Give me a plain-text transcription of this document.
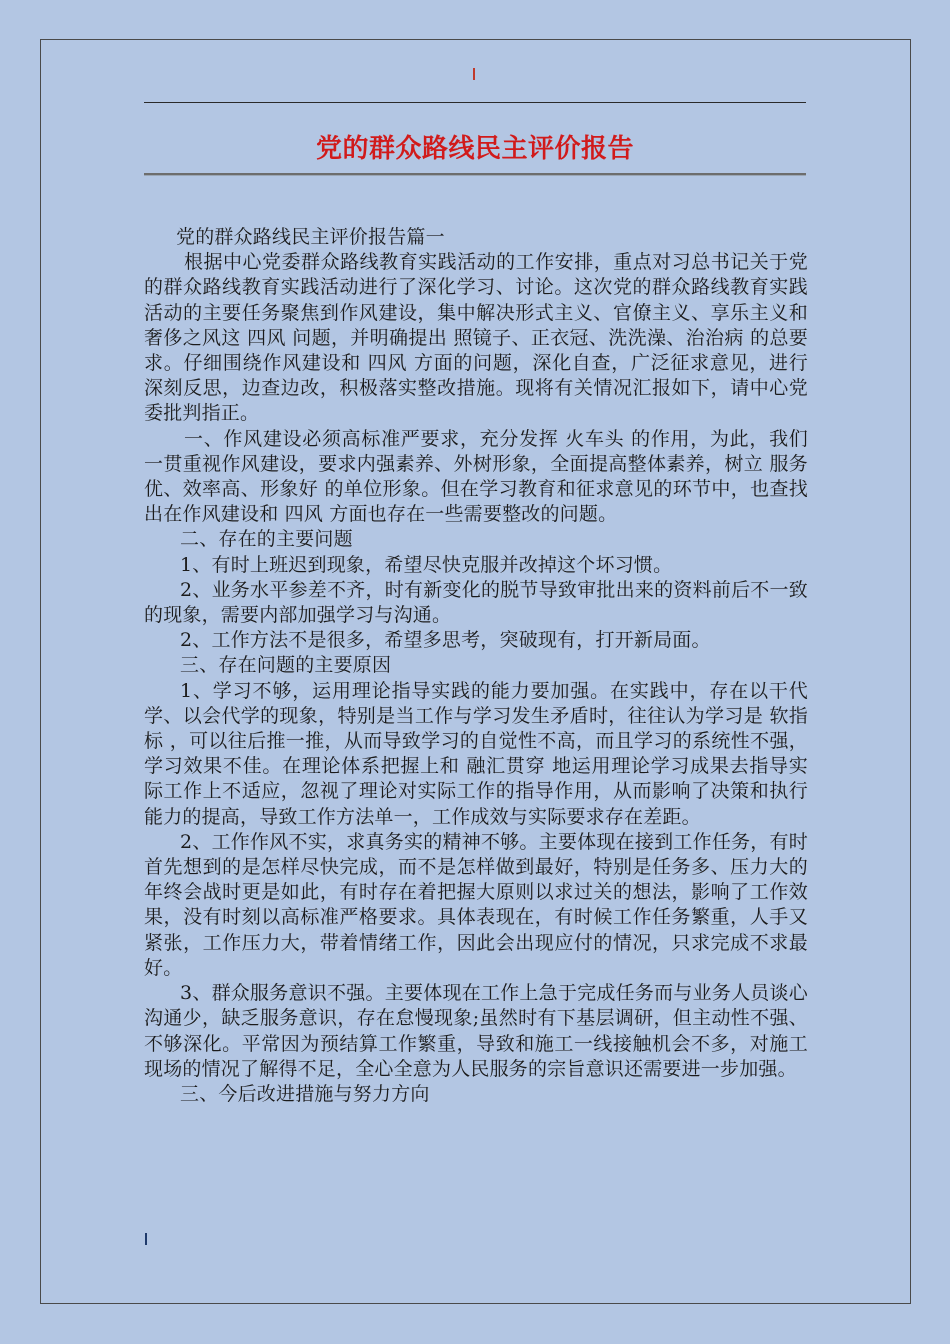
党的群众路线民主评价报告

党的群众路线民主评价报告篇一

根据中心党委群众路线教育实践活动的工作安排，重点对习总书记关于党的群众路线教育实践活动进行了深化学习、讨论。这次党的群众路线教育实践活动的主要任务聚焦到作风建设，集中解决形式主义、官僚主义、享乐主义和奢侈之风这 四风 问题，并明确提出 照镜子、正衣冠、洗洗澡、治治病 的总要求。仔细围绕作风建设和 四风 方面的问题，深化自查，广泛征求意见，进行深刻反思，边查边改，积极落实整改措施。现将有关情况汇报如下，请中心党委批判指正。

一、作风建设必须高标准严要求，充分发挥 火车头 的作用，为此，我们一贯重视作风建设，要求内强素养、外树形象，全面提高整体素养，树立 服务优、效率高、形象好 的单位形象。但在学习教育和征求意见的环节中，也查找出在作风建设和 四风 方面也存在一些需要整改的问题。

二、存在的主要问题

1、有时上班迟到现象，希望尽快克服并改掉这个坏习惯。

2、业务水平参差不齐，时有新变化的脱节导致审批出来的资料前后不一致的现象，需要内部加强学习与沟通。

2、工作方法不是很多，希望多思考，突破现有，打开新局面。

三、存在问题的主要原因

1、学习不够，运用理论指导实践的能力要加强。在实践中，存在以干代学、以会代学的现象，特别是当工作与学习发生矛盾时，往往认为学习是 软指标 ，可以往后推一推，从而导致学习的自觉性不高，而且学习的系统性不强，学习效果不佳。在理论体系把握上和 融汇贯穿 地运用理论学习成果去指导实际工作上不适应，忽视了理论对实际工作的指导作用，从而影响了决策和执行能力的提高，导致工作方法单一，工作成效与实际要求存在差距。

2、工作作风不实，求真务实的精神不够。主要体现在接到工作任务，有时首先想到的是怎样尽快完成，而不是怎样做到最好，特别是任务多、压力大的年终会战时更是如此，有时存在着把握大原则以求过关的想法，影响了工作效果，没有时刻以高标准严格要求。具体表现在，有时候工作任务繁重，人手又紧张，工作压力大，带着情绪工作，因此会出现应付的情况，只求完成不求最好。

3、群众服务意识不强。主要体现在工作上急于完成任务而与业务人员谈心沟通少，缺乏服务意识，存在怠慢现象;虽然时有下基层调研，但主动性不强、不够深化。平常因为预结算工作繁重，导致和施工一线接触机会不多，对施工现场的情况了解得不足，全心全意为人民服务的宗旨意识还需要进一步加强。

三、今后改进措施与努力方向
